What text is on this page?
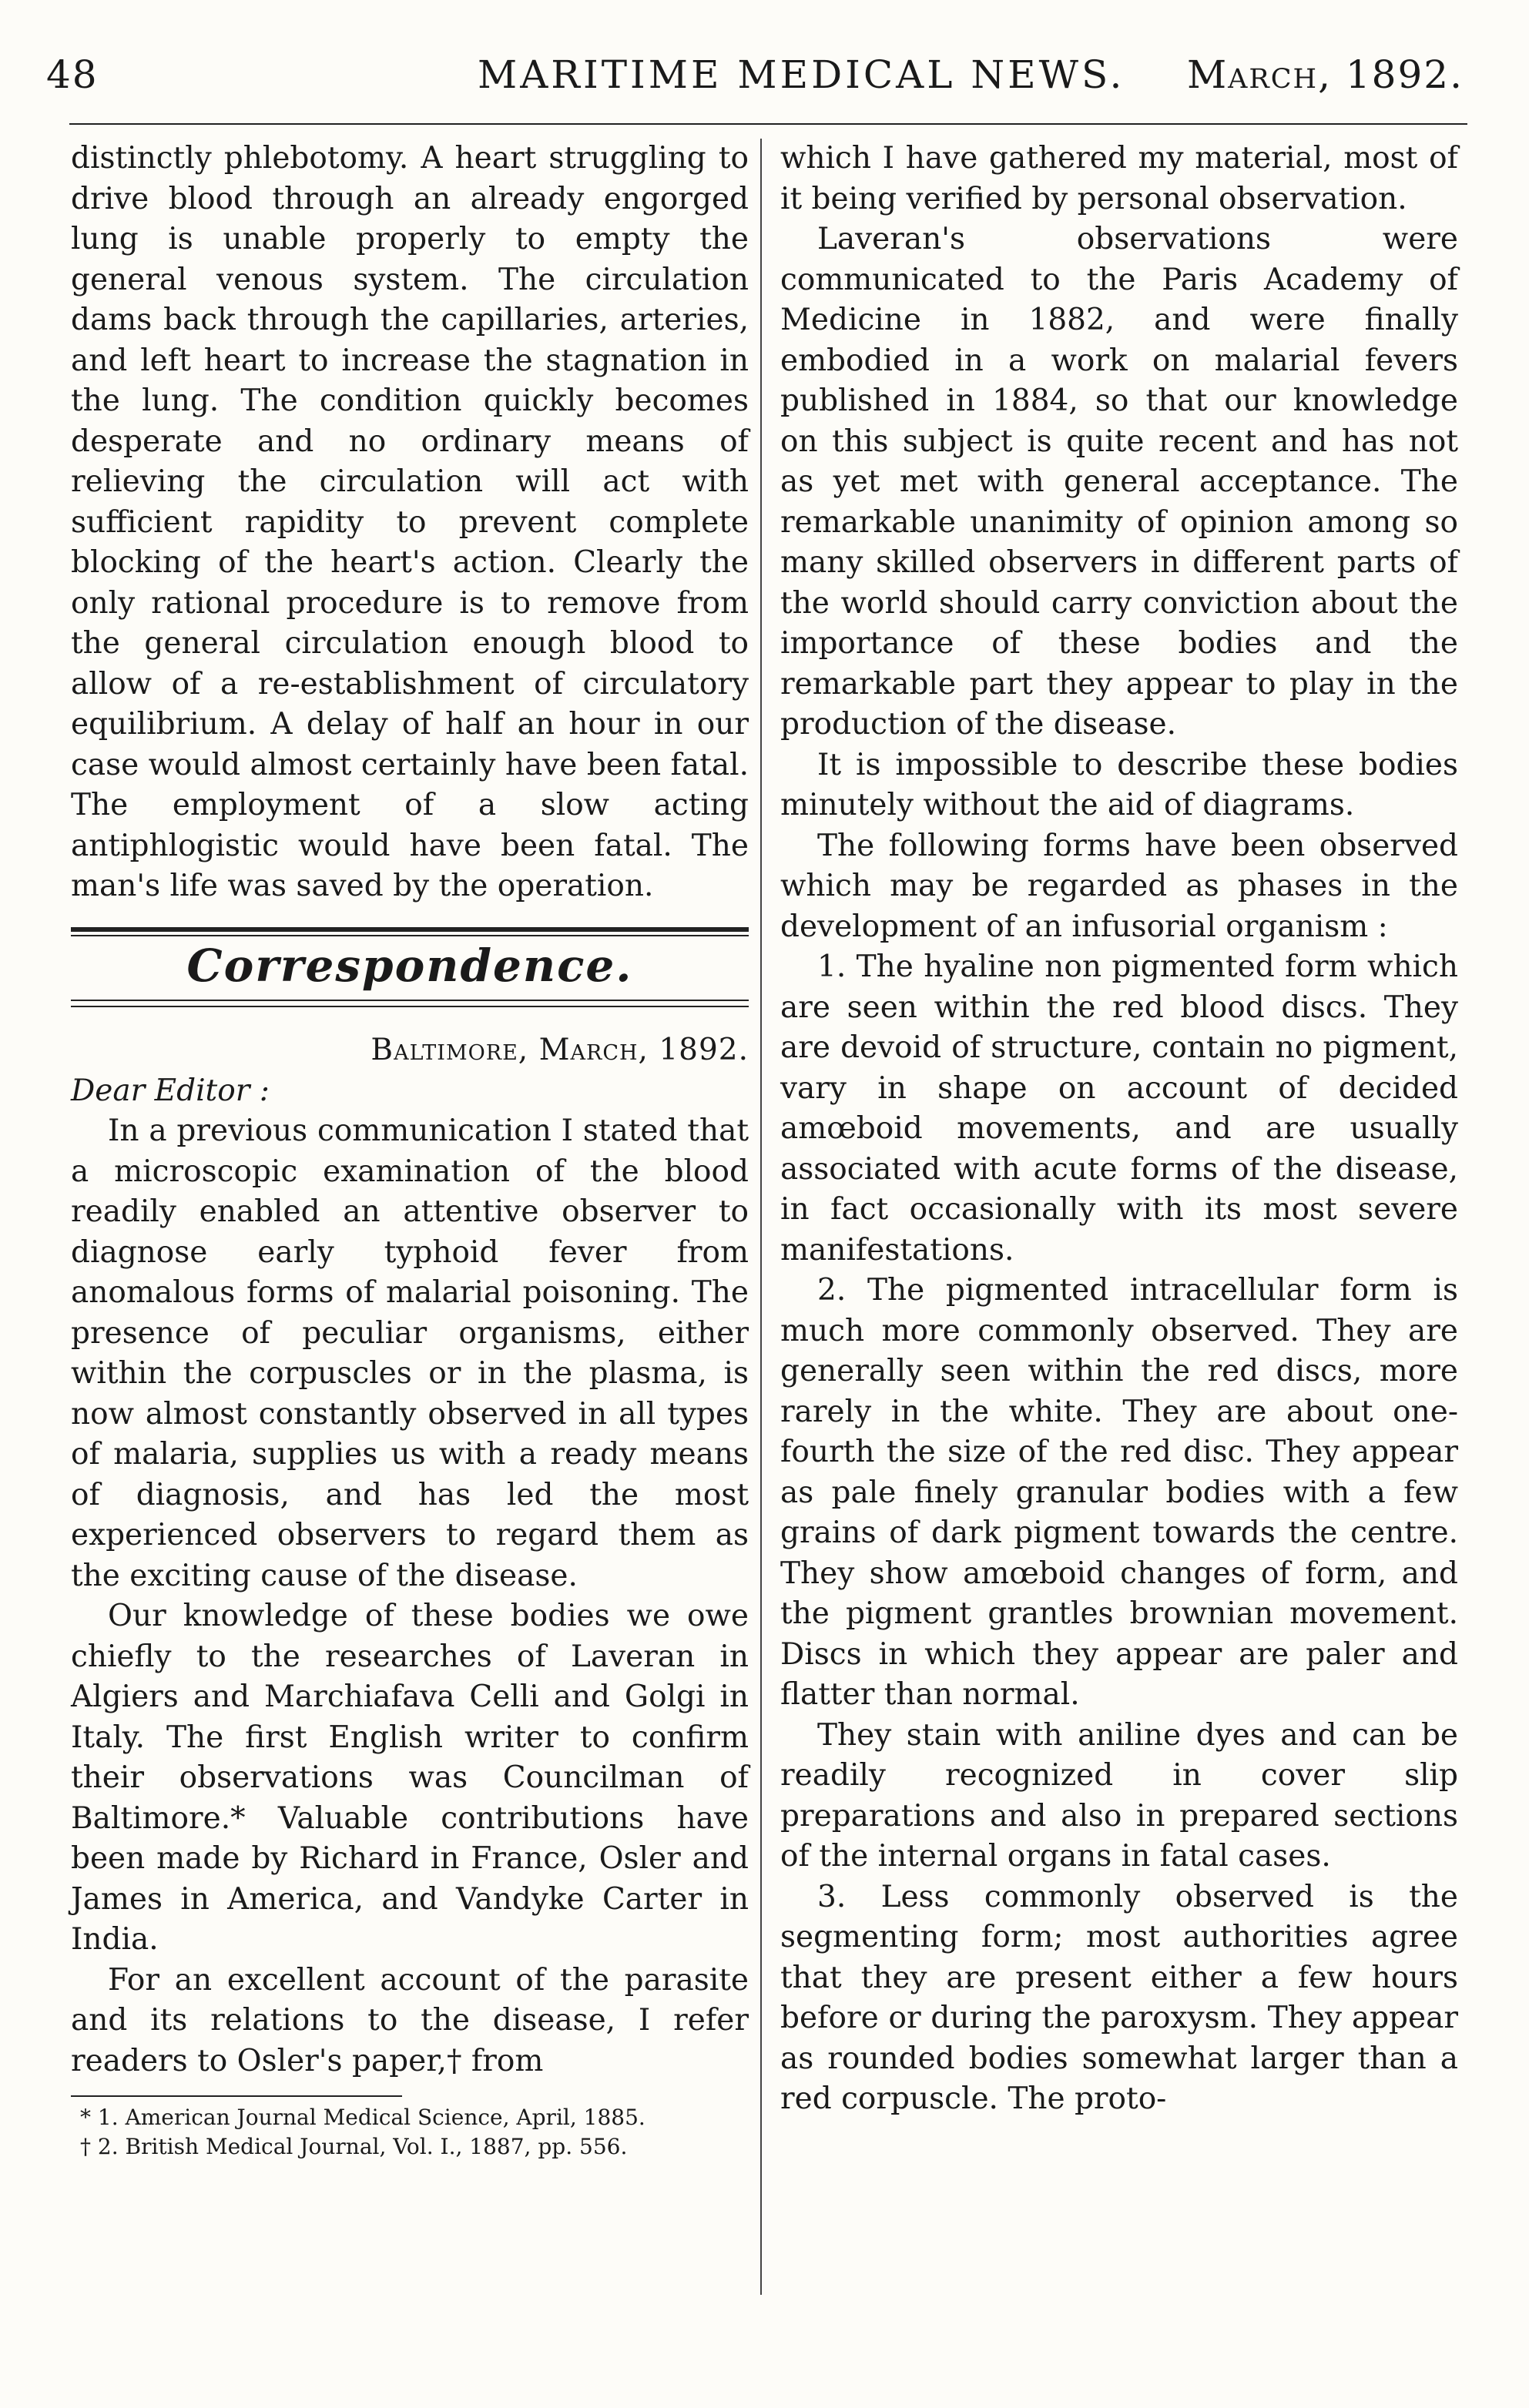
48	MARITIME MEDICAL NEWS. March, 1892.

distinctly phlebotomy. A heart struggling to drive blood through an already engorged lung is unable properly to empty the general venous system. The circulation dams back through the capillaries, arteries, and left heart to increase the stagnation in the lung. The condition quickly becomes desperate and no ordinary means of relieving the circulation will act with sufficient rapidity to prevent complete blocking of the heart's action. Clearly the only rational procedure is to remove from the general circulation enough blood to allow of a re-establishment of circulatory equilibrium. A delay of half an hour in our case would almost certainly have been fatal. The employment of a slow acting antiphlogistic would have been fatal. The man's life was saved by the operation.

Correspondence.

Baltimore, March, 1892.

Dear Editor :

In a previous communication I stated that a microscopic examination of the blood readily enabled an attentive observer to diagnose early typhoid fever from anomalous forms of malarial poisoning. The presence of peculiar organisms, either within the corpuscles or in the plasma, is now almost constantly observed in all types of malaria, supplies us with a ready means of diagnosis, and has led the most experienced observers to regard them as the exciting cause of the disease.

Our knowledge of these bodies we owe chiefly to the researches of Laveran in Algiers and Marchiafava Celli and Golgi in Italy. The first English writer to confirm their observations was Councilman of Baltimore.* Valuable contributions have been made by Richard in France, Osler and James in America, and Vandyke Carter in India.

For an excellent account of the parasite and its relations to the disease, I refer readers to Osler's paper,† from

* 1. American Journal Medical Science, April, 1885.

† 2. British Medical Journal, Vol. I., 1887, pp. 556.

which I have gathered my material, most of it being verified by personal observation.

Laveran's observations were communicated to the Paris Academy of Medicine in 1882, and were finally embodied in a work on malarial fevers published in 1884, so that our knowledge on this subject is quite recent and has not as yet met with general acceptance. The remarkable unanimity of opinion among so many skilled observers in different parts of the world should carry conviction about the importance of these bodies and the remarkable part they appear to play in the production of the disease.

It is impossible to describe these bodies minutely without the aid of diagrams.

The following forms have been observed which may be regarded as phases in the development of an infusorial organism :

1. The hyaline non pigmented form which are seen within the red blood discs. They are devoid of structure, contain no pigment, vary in shape on account of decided amœboid movements, and are usually associated with acute forms of the disease, in fact occasionally with its most severe manifestations.

2. The pigmented intracellular form is much more commonly observed. They are generally seen within the red discs, more rarely in the white. They are about one-fourth the size of the red disc. They appear as pale finely granular bodies with a few grains of dark pigment towards the centre. They show amœboid changes of form, and the pigment grantles brownian movement. Discs in which they appear are paler and flatter than normal.

They stain with aniline dyes and can be readily recognized in cover slip preparations and also in prepared sections of the internal organs in fatal cases.

3. Less commonly observed is the segmenting form; most authorities agree that they are present either a few hours before or during the paroxysm. They appear as rounded bodies somewhat larger than a red corpuscle. The proto-
